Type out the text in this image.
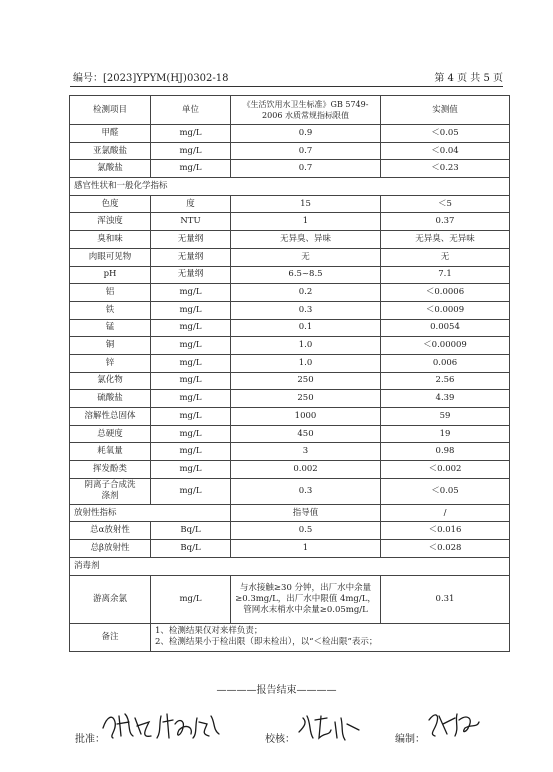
编号：[2023]YPYM(HJ)0302-18	第 4 页 共 5 页
检测项目	单位	《生活饮用水卫生标准》GB 5749-2006 水质常规指标限值	实测值
甲醛	mg/L	0.9	＜0.05
亚氯酸盐	mg/L	0.7	＜0.04
氯酸盐	mg/L	0.7	＜0.23
感官性状和一般化学指标			
色度	度	15	＜5
浑浊度	NTU	1	0.37
臭和味	无量纲	无异臭、异味	无异臭、无异味
肉眼可见物	无量纲	无	无
pH	无量纲	6.5~8.5	7.1
铝	mg/L	0.2	＜0.0006
铁	mg/L	0.3	＜0.0009
锰	mg/L	0.1	0.0054
铜	mg/L	1.0	＜0.00009
锌	mg/L	1.0	0.006
氯化物	mg/L	250	2.56
硫酸盐	mg/L	250	4.39
溶解性总固体	mg/L	1000	59
总硬度	mg/L	450	19
耗氧量	mg/L	3	0.98
挥发酚类	mg/L	0.002	＜0.002
阴离子合成洗涤剂	mg/L	0.3	＜0.05
放射性指标		指导值	/
总α放射性	Bq/L	0.5	＜0.016
总β放射性	Bq/L	1	＜0.028
消毒剂			
游离余氯	mg/L	与水接触≥30 分钟，出厂水中余量≥0.3mg/L，出厂水中限值 4mg/L，管网水末梢水中余量≥0.05mg/L	0.31
备注	1、检测结果仅对来样负责；
2、检测结果小于检出限（即未检出），以“＜检出限”表示；		
————报告结束————
批准：	校核：	编制：
